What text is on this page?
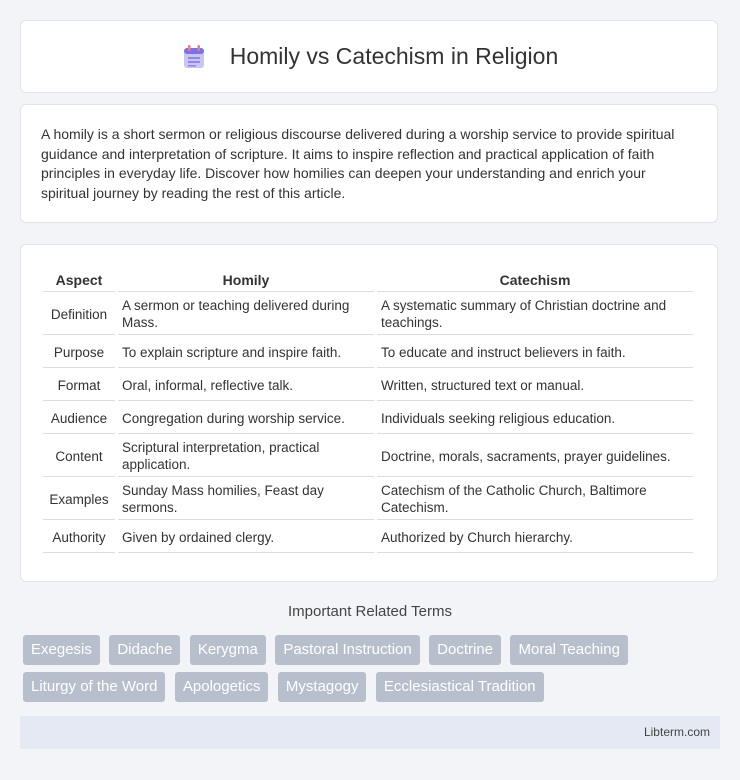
Homily vs Catechism in Religion

A homily is a short sermon or religious discourse delivered during a worship service to provide spiritual guidance and interpretation of scripture. It aims to inspire reflection and practical application of faith principles in everyday life. Discover how homilies can deepen your understanding and enrich your spiritual journey by reading the rest of this article.

Aspect	Homily	Catechism
Definition	A sermon or teaching delivered during Mass.	A systematic summary of Christian doctrine and teachings.
Purpose	To explain scripture and inspire faith.	To educate and instruct believers in faith.
Format	Oral, informal, reflective talk.	Written, structured text or manual.
Audience	Congregation during worship service.	Individuals seeking religious education.
Content	Scriptural interpretation, practical application.	Doctrine, morals, sacraments, prayer guidelines.
Examples	Sunday Mass homilies, Feast day sermons.	Catechism of the Catholic Church, Baltimore Catechism.
Authority	Given by ordained clergy.	Authorized by Church hierarchy.
Important Related Terms
Exegesis Didache Kerygma Pastoral Instruction Doctrine Moral Teaching Liturgy of the Word Apologetics Mystagogy Ecclesiastical Tradition
Libterm.com
